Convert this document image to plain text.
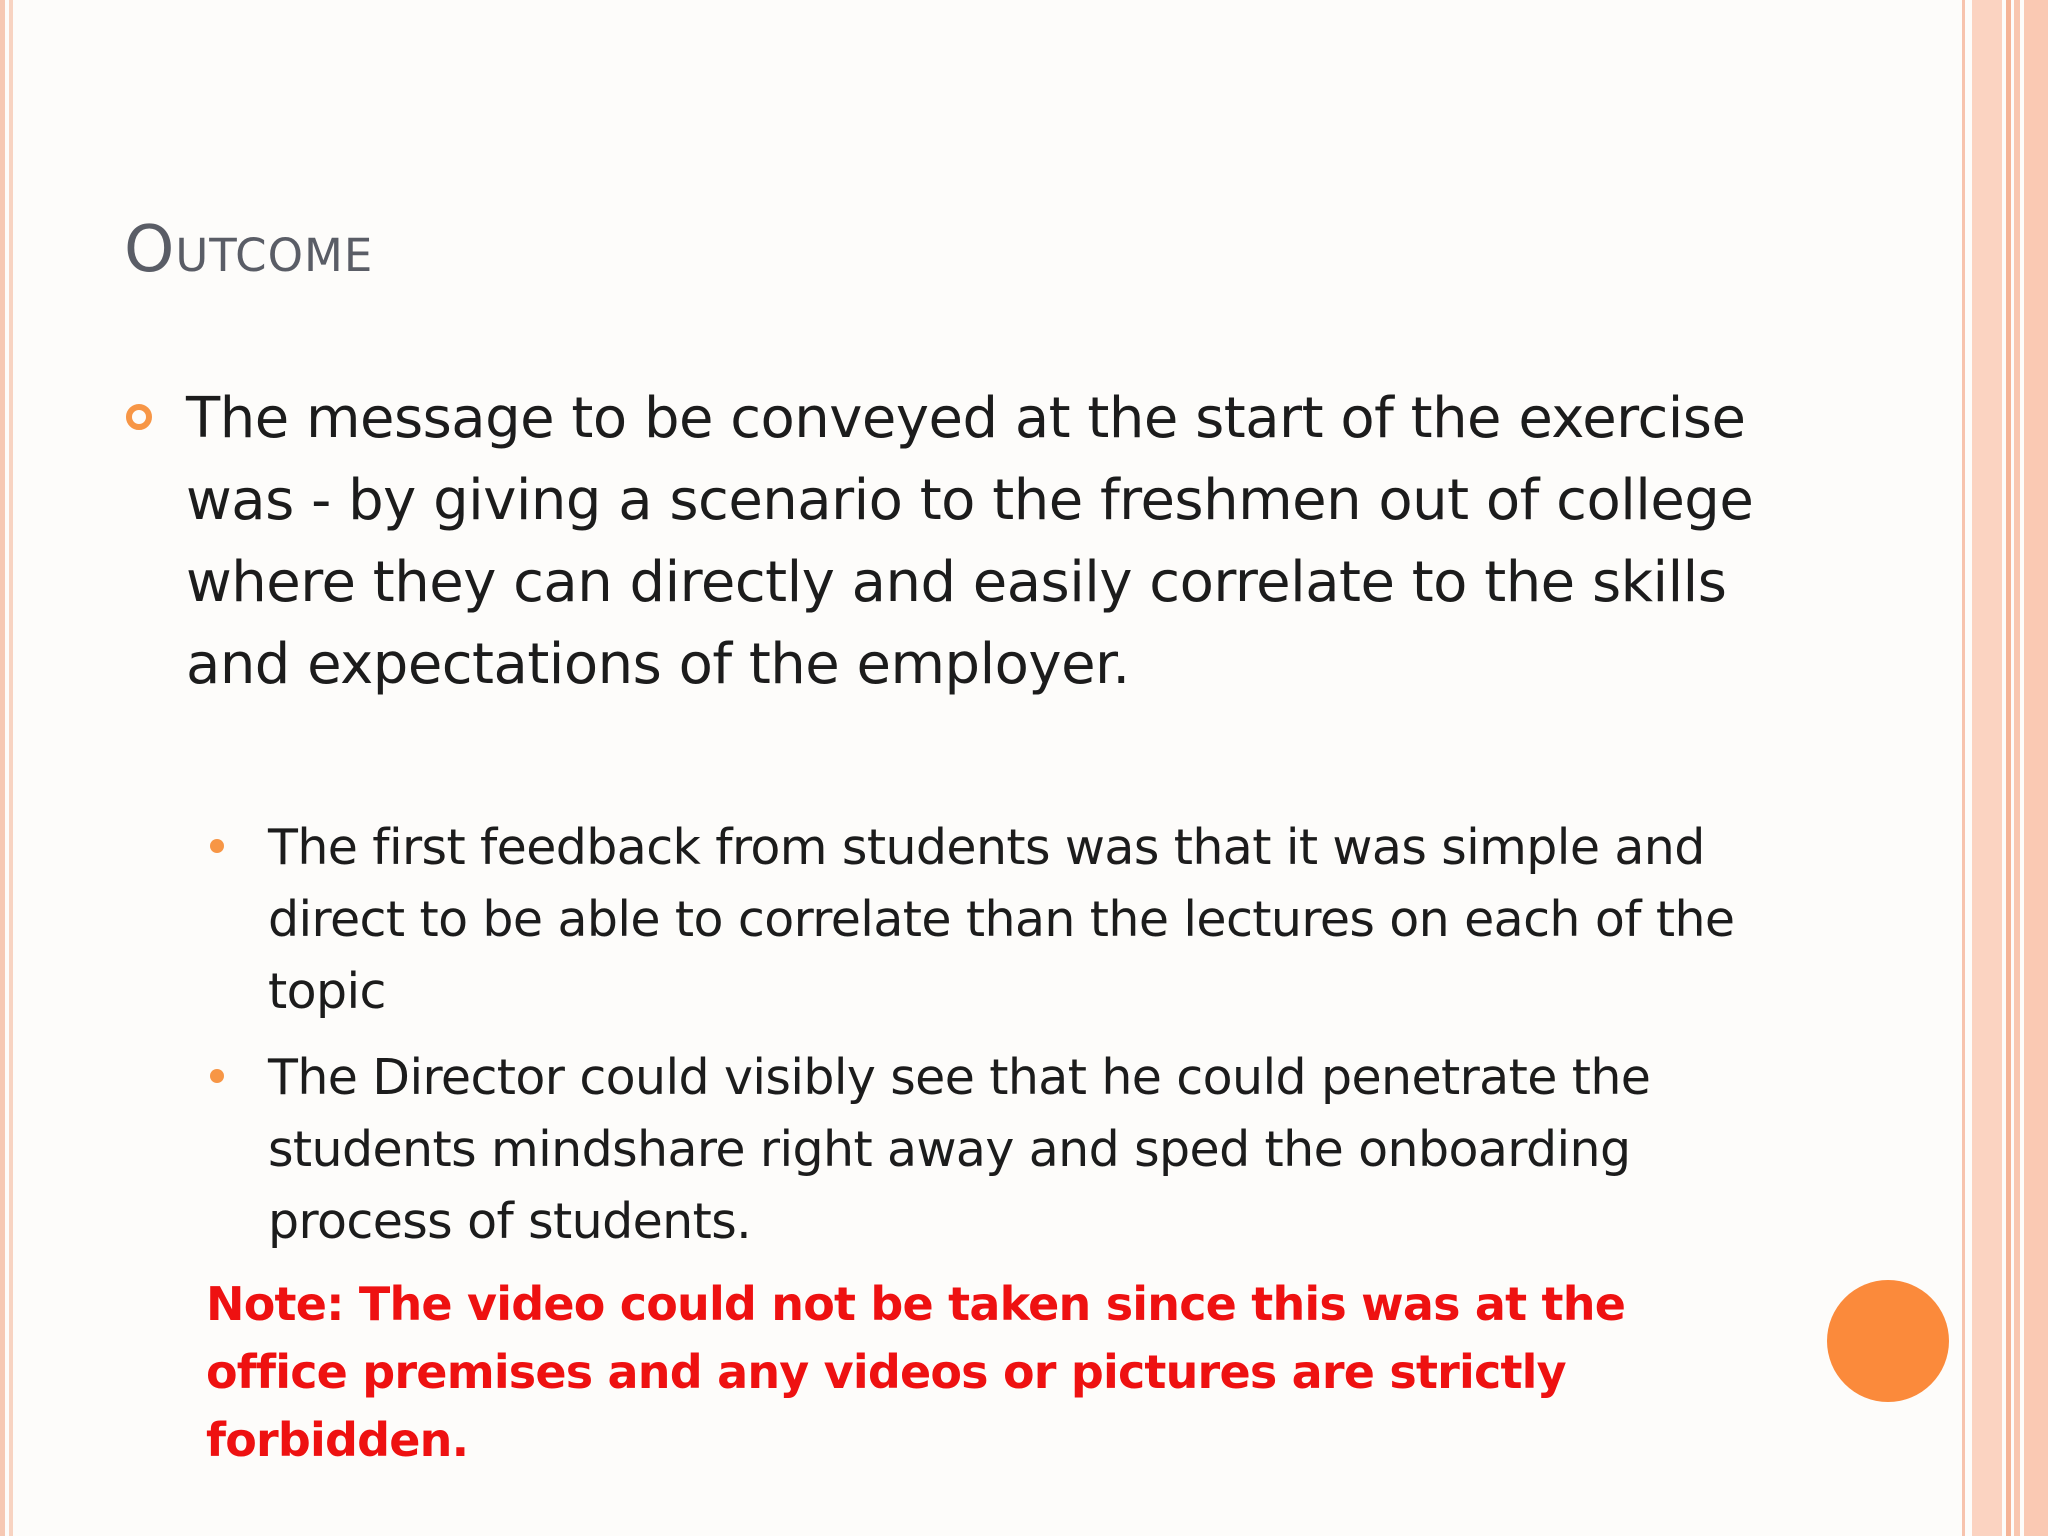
Outcome

The message to be conveyed at the start of the exercise was - by giving a scenario to the freshmen out of college where they can directly and easily correlate to the skills and expectations of the employer.

The first feedback from students was that it was simple and direct to be able to correlate than the lectures on each of the topic

The Director could visibly see that he could penetrate the students mindshare right away and sped the onboarding process of students.

Note: The video could not be taken since this was at the office premises and any videos or pictures are strictly forbidden.
